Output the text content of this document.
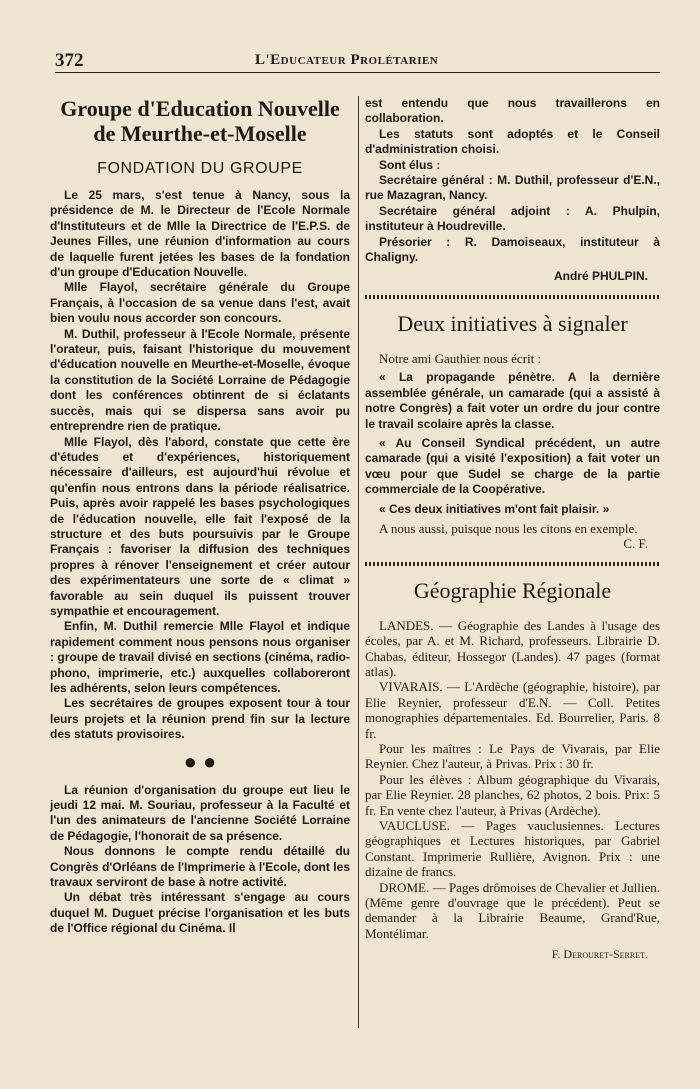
372	L'Educateur Prolétarien
Groupe d'Education Nouvelle
de Meurthe-et-Moselle
FONDATION DU GROUPE

Le 25 mars, s'est tenue à Nancy, sous la présidence de M. le Directeur de l'Ecole Normale d'Instituteurs et de Mlle la Directrice de l'E.P.S. de Jeunes Filles, une réunion d'information au cours de laquelle furent jetées les bases de la fondation d'un groupe d'Education Nouvelle.

Mlle Flayol, secrétaire générale du Groupe Français, à l'occasion de sa venue dans l'est, avait bien voulu nous accorder son concours.

M. Duthil, professeur à l'Ecole Normale, présente l'orateur, puis, faisant l'historique du mouvement d'éducation nouvelle en Meurthe-et-Moselle, évoque la constitution de la Société Lorraine de Pédagogie dont les conférences obtinrent de si éclatants succès, mais qui se dispersa sans avoir pu entreprendre rien de pratique.

Mlle Flayol, dès l'abord, constate que cette ère d'études et d'expériences, historiquement nécessaire d'ailleurs, est aujourd'hui révolue et qu'enfin nous entrons dans la période réalisatrice. Puis, après avoir rappelé les bases psychologiques de l'éducation nouvelle, elle fait l'exposé de la structure et des buts poursuivis par le Groupe Français : favoriser la diffusion des techniques propres à rénover l'enseignement et créer autour des expérimentateurs une sorte de « climat » favorable au sein duquel ils puissent trouver sympathie et encouragement.

Enfin, M. Duthil remercie Mlle Flayol et indique rapidement comment nous pensons nous organiser : groupe de travail divisé en sections (cinéma, radio-phono, imprimerie, etc.) auxquelles collaboreront les adhérents, selon leurs compétences.

Les secrétaires de groupes exposent tour à tour leurs projets et la réunion prend fin sur la lecture des statuts provisoires.

● ●

La réunion d'organisation du groupe eut lieu le jeudi 12 mai. M. Souriau, professeur à la Faculté et l'un des animateurs de l'ancienne Société Lorraine de Pédagogie, l'honorait de sa présence.

Nous donnons le compte rendu détaillé du Congrès d'Orléans de l'Imprimerie à l'Ecole, dont les travaux serviront de base à notre activité.

Un débat très intéressant s'engage au cours duquel M. Duguet précise l'organisation et les buts de l'Office régional du Cinéma. Il

est entendu que nous travaillerons en collaboration.

Les statuts sont adoptés et le Conseil d'administration choisi.

Sont élus :

Secrétaire général : M. Duthil, professeur d'E.N., rue Mazagran, Nancy.

Secrétaire général adjoint : A. Phulpin, instituteur à Houdreville.

Présorier : R. Damoiseaux, instituteur à Chaligny.

André PHULPIN.

Deux initiatives à signaler

Notre ami Gauthier nous écrit :

« La propagande pénètre. A la dernière assemblée générale, un camarade (qui a assisté à notre Congrès) a fait voter un ordre du jour contre le travail scolaire après la classe.

« Au Conseil Syndical précédent, un autre camarade (qui a visité l'exposition) a fait voter un vœu pour que Sudel se charge de la partie commerciale de la Coopérative.

« Ces deux initiatives m'ont fait plaisir. »

A nous aussi, puisque nous les citons en exemple.

C. F.

Géographie Régionale

LANDES. — Géographie des Landes à l'usage des écoles, par A. et M. Richard, professeurs. Librairie D. Chabas, éditeur, Hossegor (Landes). 47 pages (format atlas).

VIVARAIS. — L'Ardèche (géographie, histoire), par Elie Reynier, professeur d'E.N. — Coll. Petites monographies départementales. Ed. Bourrelier, Paris. 8 fr.

Pour les maîtres : Le Pays de Vivarais, par Elie Reynier. Chez l'auteur, à Privas. Prix : 30 fr.

Pour les élèves : Album géographique du Vivarais, par Elie Reynier. 28 planches, 62 photos, 2 bois. Prix: 5 fr. En vente chez l'auteur, à Privas (Ardèche).

VAUCLUSE. — Pages vauclusiennes. Lectures géographiques et Lectures historiques, par Gabriel Constant. Imprimerie Rullière, Avignon. Prix : une dizaine de francs.

DROME. — Pages drômoises de Chevalier et Jullien. (Même genre d'ouvrage que le précédent). Peut se demander à la Librairie Beaume, Grand'Rue, Montélimar.

F. Derouret-Serret.
